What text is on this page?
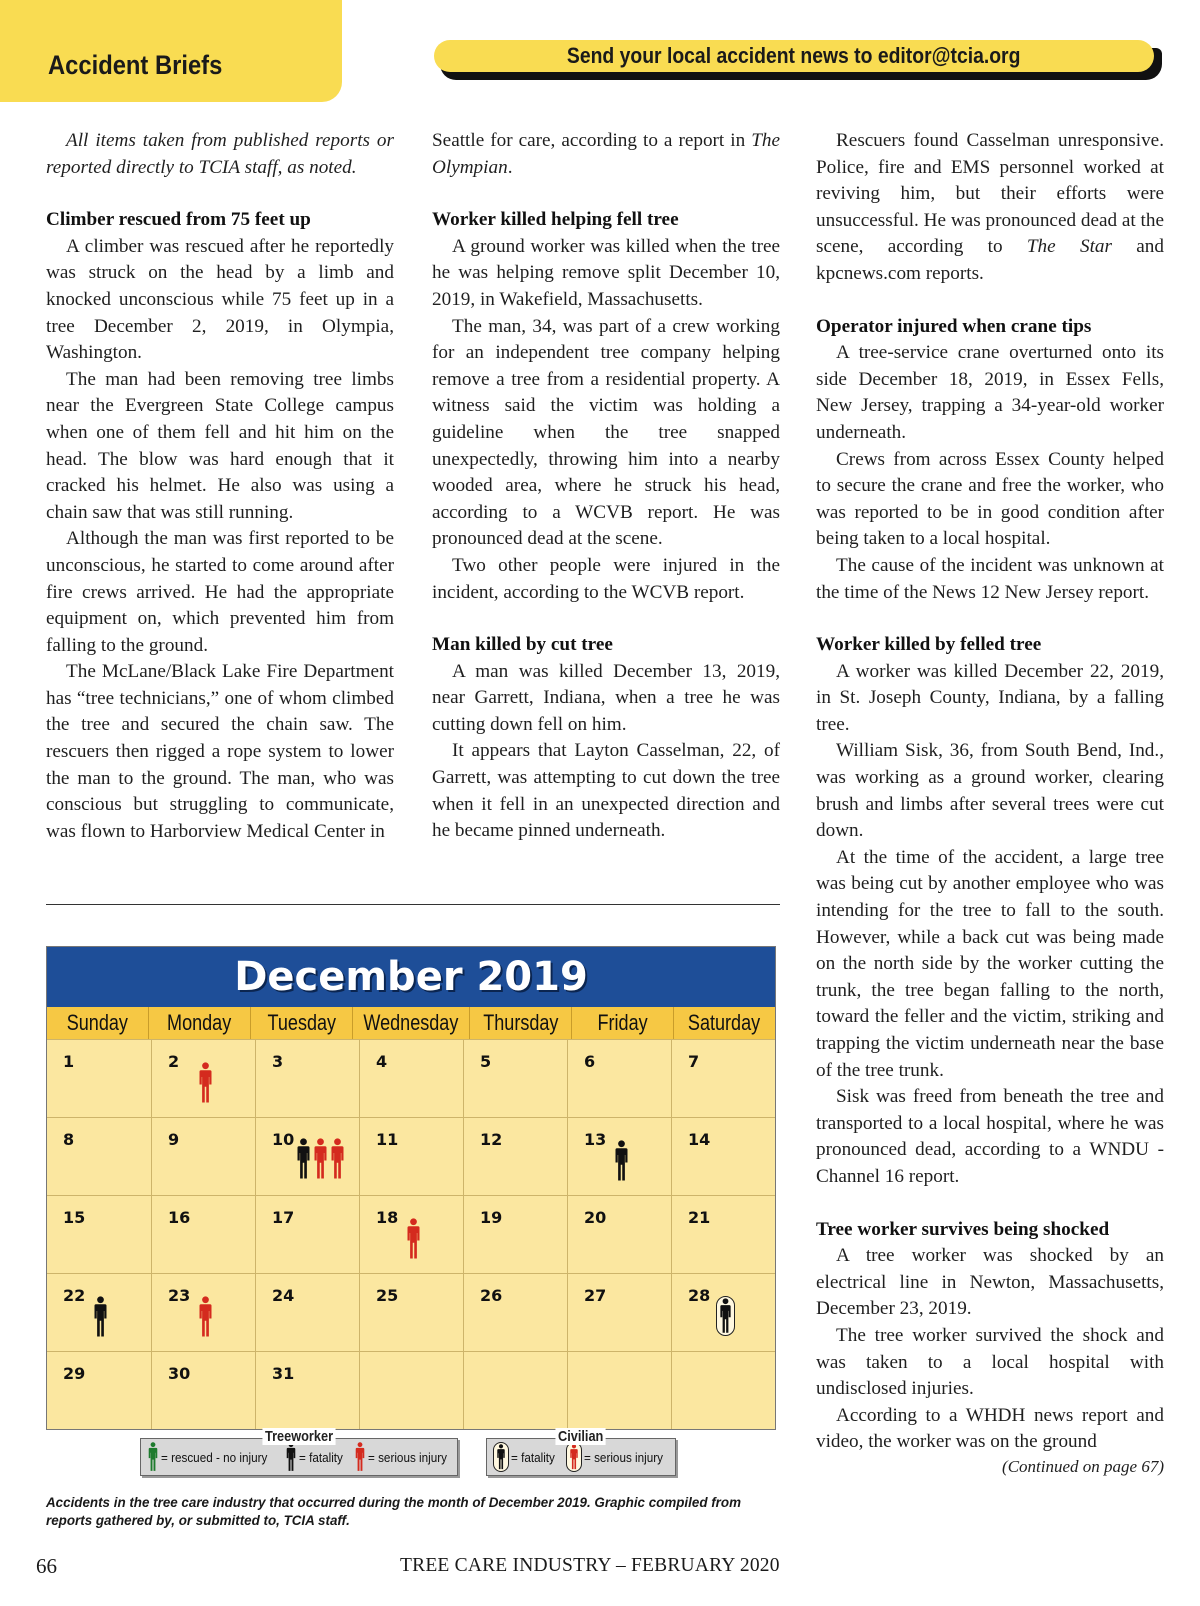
Accident Briefs	Send your local accident news to editor@tcia.org

All items taken from published reports or reported directly to TCIA staff, as noted.

Climber rescued from 75 feet up

A climber was rescued after he reportedly was struck on the head by a limb and knocked unconscious while 75 feet up in a tree December 2, 2019, in Olympia, Washington.

The man had been removing tree limbs near the Evergreen State College campus when one of them fell and hit him on the head. The blow was hard enough that it cracked his helmet. He also was using a chain saw that was still running.

Although the man was first reported to be unconscious, he started to come around after fire crews arrived. He had the appropriate equipment on, which prevented him from falling to the ground.

The McLane/Black Lake Fire Department has “tree technicians,” one of whom climbed the tree and secured the chain saw. The rescuers then rigged a rope system to lower the man to the ground. The man, who was conscious but struggling to communicate, was flown to Harborview Medical Center in

Seattle for care, according to a report in The Olympian.

Worker killed helping fell tree

A ground worker was killed when the tree he was helping remove split December 10, 2019, in Wakefield, Massachusetts.

The man, 34, was part of a crew working for an independent tree company helping remove a tree from a residential property. A witness said the victim was holding a guideline when the tree snapped unexpectedly, throwing him into a nearby wooded area, where he struck his head, according to a WCVB report. He was pronounced dead at the scene.

Two other people were injured in the incident, according to the WCVB report.

Man killed by cut tree

A man was killed December 13, 2019, near Garrett, Indiana, when a tree he was cutting down fell on him.

It appears that Layton Casselman, 22, of Garrett, was attempting to cut down the tree when it fell in an unexpected direction and he became pinned underneath.

Rescuers found Casselman unresponsive. Police, fire and EMS personnel worked at reviving him, but their efforts were unsuccessful. He was pronounced dead at the scene, according to The Star and kpcnews.com reports.

Operator injured when crane tips

A tree-service crane overturned onto its side December 18, 2019, in Essex Fells, New Jersey, trapping a 34-year-old worker underneath.

Crews from across Essex County helped to secure the crane and free the worker, who was reported to be in good condition after being taken to a local hospital.

The cause of the incident was unknown at the time of the News 12 New Jersey report.

Worker killed by felled tree

A worker was killed December 22, 2019, in St. Joseph County, Indiana, by a falling tree.

William Sisk, 36, from South Bend, Ind., was working as a ground worker, clearing brush and limbs after several trees were cut down.

At the time of the accident, a large tree was being cut by another employee who was intending for the tree to fall to the south. However, while a back cut was being made on the north side by the worker cutting the trunk, the tree began falling to the north, toward the feller and the victim, striking and trapping the victim underneath near the base of the tree trunk.

Sisk was freed from beneath the tree and transported to a local hospital, where he was pronounced dead, according to a WNDU - Channel 16 report.

Tree worker survives being shocked

A tree worker was shocked by an electrical line in Newton, Massachusetts, December 23, 2019.

The tree worker survived the shock and was taken to a local hospital with undisclosed injuries.

According to a WHDH news report and video, the worker was on the ground

(Continued on page 67)
December 2019
Sunday	Monday	Tuesday	Wednesday	Thursday	Friday	Saturday
1	2	3	4	5	6	7
8	9	10	11	12	13	14
15	16	17	18	19	20	21
22	23	24	25	26	27	28
29	30	31
= rescued - no injury = fatality = serious injury
Treeworker
= fatality = serious injury
Civilian
Accidents in the tree care industry that occurred during the month of December 2019. Graphic compiled from reports gathered by, or submitted to, TCIA staff.
66	TREE CARE INDUSTRY – FEBRUARY 2020
